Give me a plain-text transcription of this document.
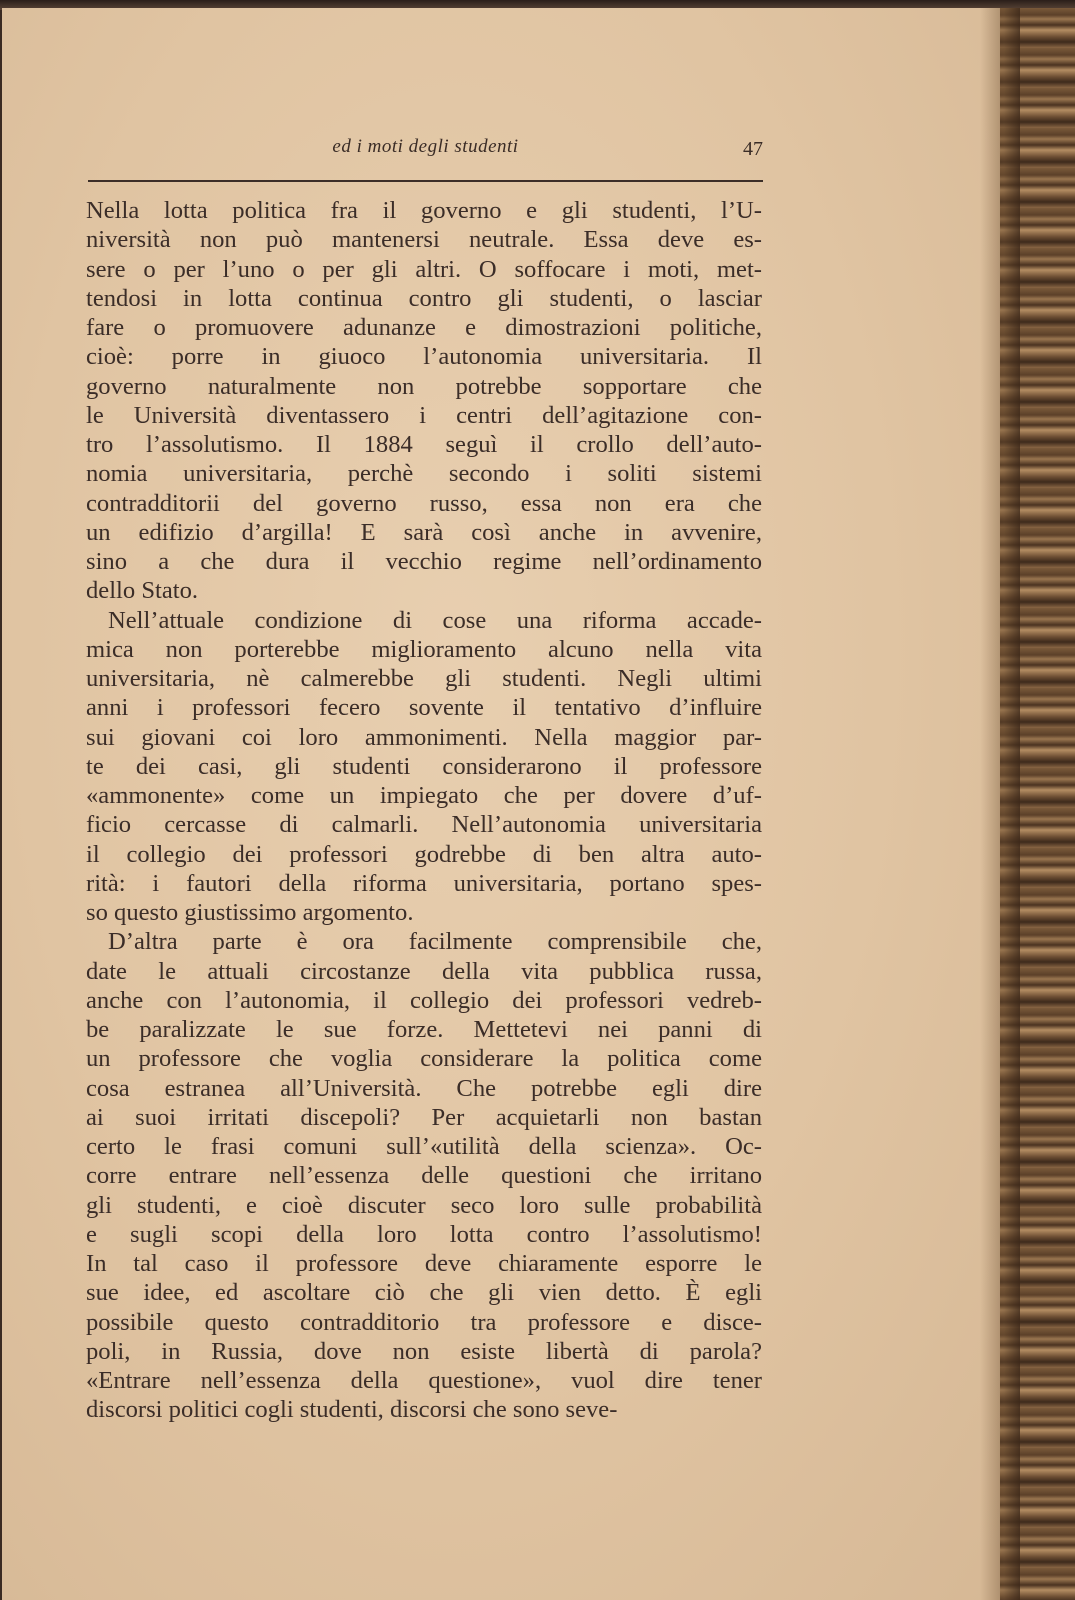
ed i moti degli studenti	47
Nella lotta politica fra il governo e gli studenti, l’U-
niversità non può mantenersi neutrale. Essa deve es-
sere o per l’uno o per gli altri. O soffocare i moti, met-
tendosi in lotta continua contro gli studenti, o lasciar
fare o promuovere adunanze e dimostrazioni politiche,
cioè: porre in giuoco l’autonomia universitaria. Il
governo naturalmente non potrebbe sopportare che
le Università diventassero i centri dell’agitazione con-
tro l’assolutismo. Il 1884 seguì il crollo dell’auto-
nomia universitaria, perchè secondo i soliti sistemi
contradditorii del governo russo, essa non era che
un edifizio d’argilla! E sarà così anche in avvenire,
sino a che dura il vecchio regime nell’ordinamento
dello Stato.
Nell’attuale condizione di cose una riforma accade-
mica non porterebbe miglioramento alcuno nella vita
universitaria, nè calmerebbe gli studenti. Negli ultimi
anni i professori fecero sovente il tentativo d’influire
sui giovani coi loro ammonimenti. Nella maggior par-
te dei casi, gli studenti considerarono il professore
«ammonente» come un impiegato che per dovere d’uf-
ficio cercasse di calmarli. Nell’autonomia universitaria
il collegio dei professori godrebbe di ben altra auto-
rità: i fautori della riforma universitaria, portano spes-
so questo giustissimo argomento.
D’altra parte è ora facilmente comprensibile che,
date le attuali circostanze della vita pubblica russa,
anche con l’autonomia, il collegio dei professori vedreb-
be paralizzate le sue forze. Mettetevi nei panni di
un professore che voglia considerare la politica come
cosa estranea all’Università. Che potrebbe egli dire
ai suoi irritati discepoli? Per acquietarli non bastan
certo le frasi comuni sull’«utilità della scienza». Oc-
corre entrare nell’essenza delle questioni che irritano
gli studenti, e cioè discuter seco loro sulle probabilità
e sugli scopi della loro lotta contro l’assolutismo!
In tal caso il professore deve chiaramente esporre le
sue idee, ed ascoltare ciò che gli vien detto. È egli
possibile questo contradditorio tra professore e disce-
poli, in Russia, dove non esiste libertà di parola?
«Entrare nell’essenza della questione», vuol dire tener
discorsi politici cogli studenti, discorsi che sono seve-
